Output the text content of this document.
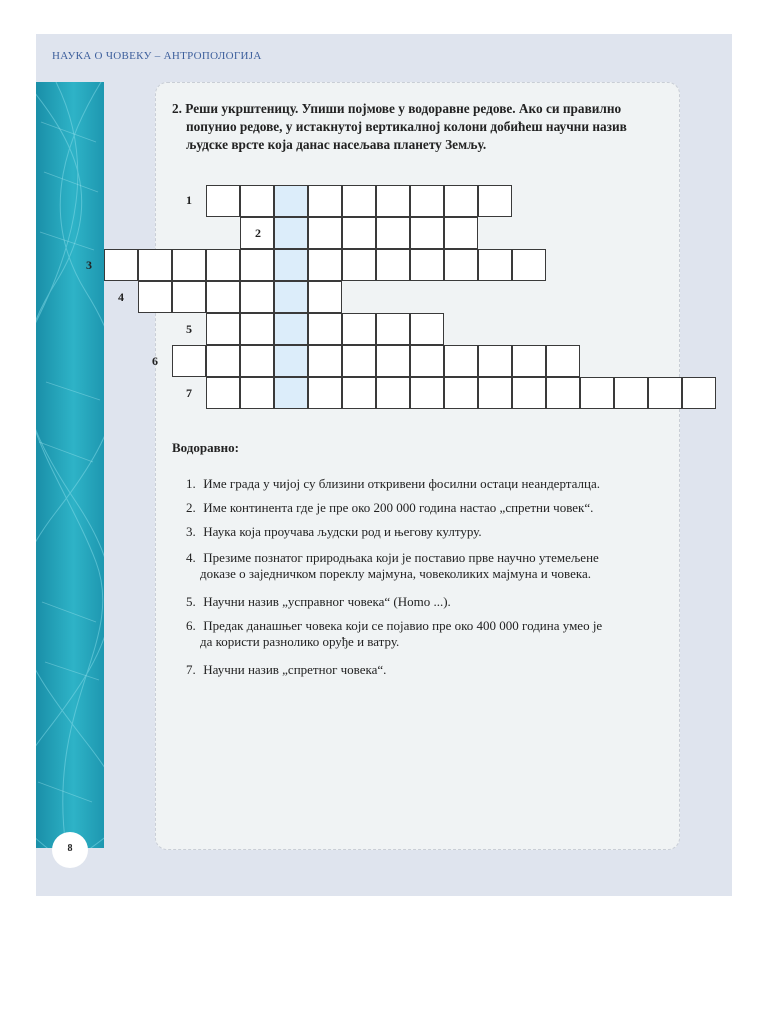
НАУКА О ЧОВЕКУ – АНТРОПОЛОГИЈА
8
2. Реши укрштеницу. Упиши појмове у водоравне редове. Ако си правилно
попунио редове, у истакнутој вертикалној колони добићеш научни назив
људске врсте која данас насељава планету Земљу.
1
2
3
4
5
6
7
Водоравно:
1. Име града у чијој су близини откривени фосилни остаци неандерталца.
2. Име континента где је пре око 200 000 година настао „спретни човек“.
3. Наука која проучава људски род и његову културу.
4. Презиме познатог природњака који је поставио прве научно утемељене
доказе о заједничком пореклу мајмуна, човеколиких мајмуна и човека.
5. Научни назив „усправног човека“ (Homo ...).
6. Предак данашњег човека који се појавио пре око 400 000 година умео је
да користи разнолико оруђе и ватру.
7. Научни назив „спретног човека“.
